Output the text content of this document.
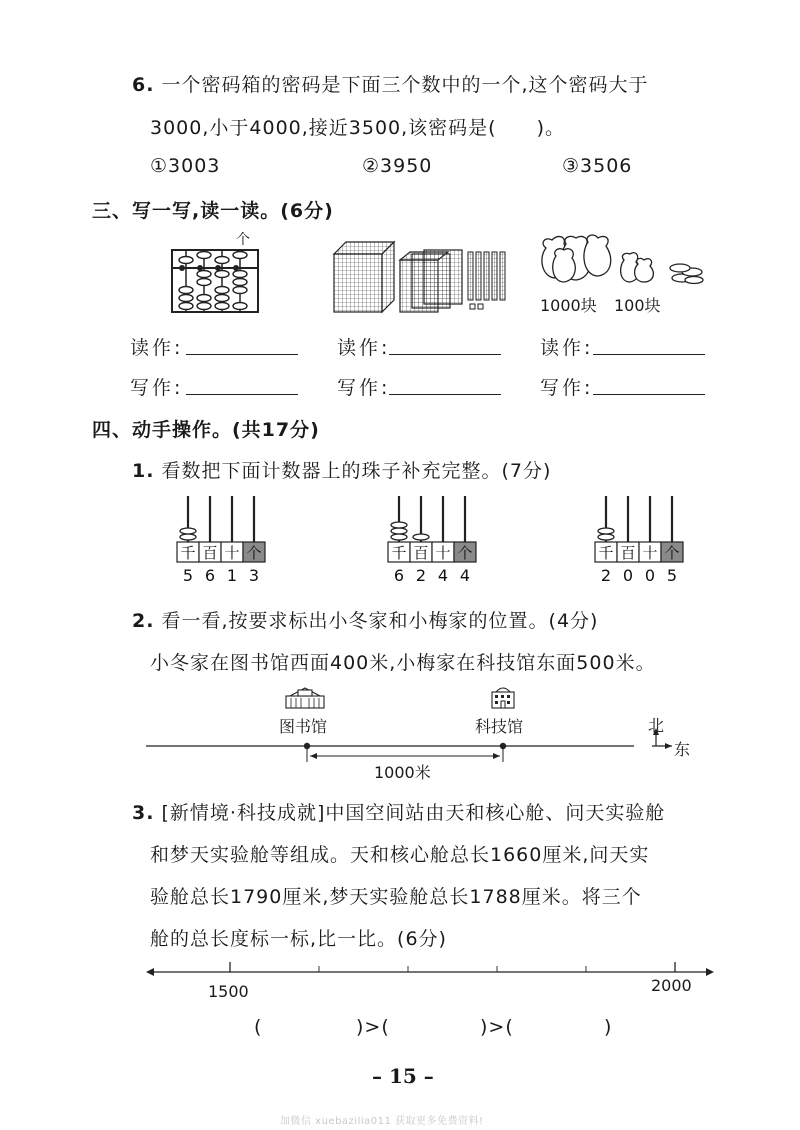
6. 一个密码箱的密码是下面三个数中的一个,这个密码大于
3000,小于4000,接近3500,该密码是(　　)。
①3003	②3950	③3506
三、写一写,读一读。(6分)
个
1000块 100块
读作:	读作:	读作:
写作:	写作:	写作:
四、动手操作。(共17分)
1. 看数把下面计数器上的珠子补充完整。(7分)
千
5
百
6
十
1
个
3
千
6
百
2
十
4
个
4
千
2
百
0
十
0
个
5
2. 看一看,按要求标出小冬家和小梅家的位置。(4分)
小冬家在图书馆西面400米,小梅家在科技馆东面500米。
图书馆	科技馆	北
东
1000米
3. [新情境·科技成就]中国空间站由天和核心舱、问天实验舱
和梦天实验舱等组成。天和核心舱总长1660厘米,问天实
验舱总长1790厘米,梦天实验舱总长1788厘米。将三个
舱的总长度标一标,比一比。(6分)
1500	2000
(	)>(	)>(	)
– 15 –
加微信 xuebazilia011 获取更多免费资料!
